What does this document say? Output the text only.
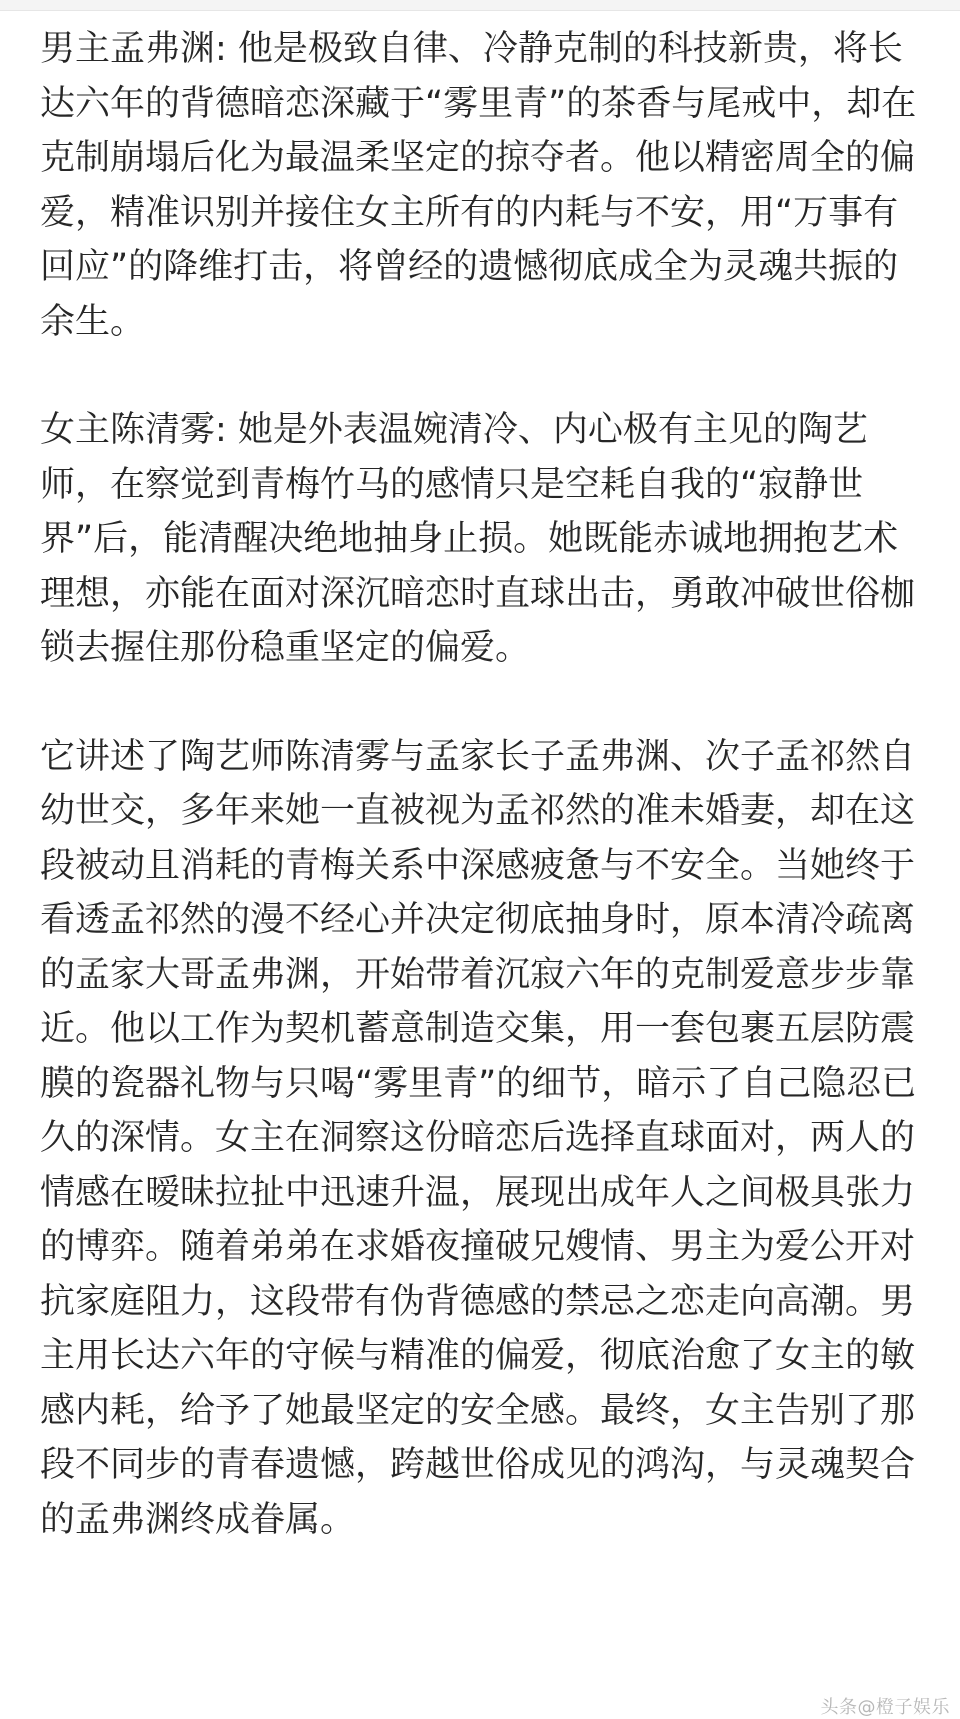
男主孟弗渊: 他是极致自律、冷静克制的科技新贵，将长达六年的背德暗恋深藏于“雾里青”的茶香与尾戒中，却在克制崩塌后化为最温柔坚定的掠夺者。他以精密周全的偏爱，精准识别并接住女主所有的内耗与不安，用“万事有回应”的降维打击，将曾经的遗憾彻底成全为灵魂共振的余生。

女主陈清雾: 她是外表温婉清冷、内心极有主见的陶艺师，在察觉到青梅竹马的感情只是空耗自我的“寂静世界”后，能清醒决绝地抽身止损。她既能赤诚地拥抱艺术理想，亦能在面对深沉暗恋时直球出击，勇敢冲破世俗枷锁去握住那份稳重坚定的偏爱。

它讲述了陶艺师陈清雾与孟家长子孟弗渊、次子孟祁然自幼世交，多年来她一直被视为孟祁然的准未婚妻，却在这段被动且消耗的青梅关系中深感疲惫与不安全。当她终于看透孟祁然的漫不经心并决定彻底抽身时，原本清冷疏离的孟家大哥孟弗渊，开始带着沉寂六年的克制爱意步步靠近。他以工作为契机蓄意制造交集，用一套包裹五层防震膜的瓷器礼物与只喝“雾里青”的细节，暗示了自己隐忍已久的深情。女主在洞察这份暗恋后选择直球面对，两人的情感在暧昧拉扯中迅速升温，展现出成年人之间极具张力的博弈。随着弟弟在求婚夜撞破兄嫂情、男主为爱公开对抗家庭阻力，这段带有伪背德感的禁忌之恋走向高潮。男主用长达六年的守候与精准的偏爱，彻底治愈了女主的敏感内耗，给予了她最坚定的安全感。最终，女主告别了那段不同步的青春遗憾，跨越世俗成见的鸿沟，与灵魂契合的孟弗渊终成眷属。

头条@橙子娱乐
